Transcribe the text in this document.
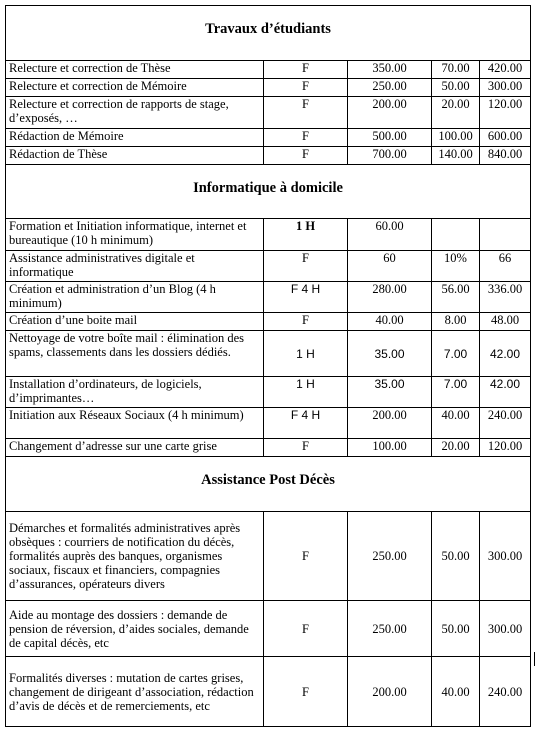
Travaux d’étudiants				
Relecture et correction de Thèse	F	350.00	70.00	420.00
Relecture et correction de Mémoire	F	250.00	50.00	300.00
Relecture et correction de rapports de stage, d’exposés, …	F	200.00	20.00	120.00
Rédaction de Mémoire	F	500.00	100.00	600.00
Rédaction de Thèse	F	700.00	140.00	840.00
Informatique à domicile				
Formation et Initiation informatique, internet et bureautique (10 h minimum)	1 H	60.00		
Assistance administratives digitale et informatique	F	60	10%	66
Création et administration d’un Blog (4 h minimum)	F 4 H	280.00	56.00	336.00
Création d’une boite mail	F	40.00	8.00	48.00
Nettoyage de votre boîte mail : élimination des spams, classements dans les dossiers dédiés.	1 H	35.00	7.00	42.00
Installation d’ordinateurs, de logiciels, d’imprimantes…	1 H	35.00	7.00	42.00
Initiation aux Réseaux Sociaux (4 h minimum)	F 4 H	200.00	40.00	240.00
Changement d’adresse sur une carte grise	F	100.00	20.00	120.00
Assistance Post Décès				
Démarches et formalités administratives après obsèques : courriers de notification du décès, formalités auprès des banques, organismes sociaux, fiscaux et financiers, compagnies d’assurances, opérateurs divers	F	250.00	50.00	300.00
Aide au montage des dossiers : demande de pension de réversion, d’aides sociales, demande de capital décès, etc	F	250.00	50.00	300.00
Formalités diverses : mutation de cartes grises, changement de dirigeant d’association, rédaction d’avis de décès et de remerciements, etc	F	200.00	40.00	240.00
